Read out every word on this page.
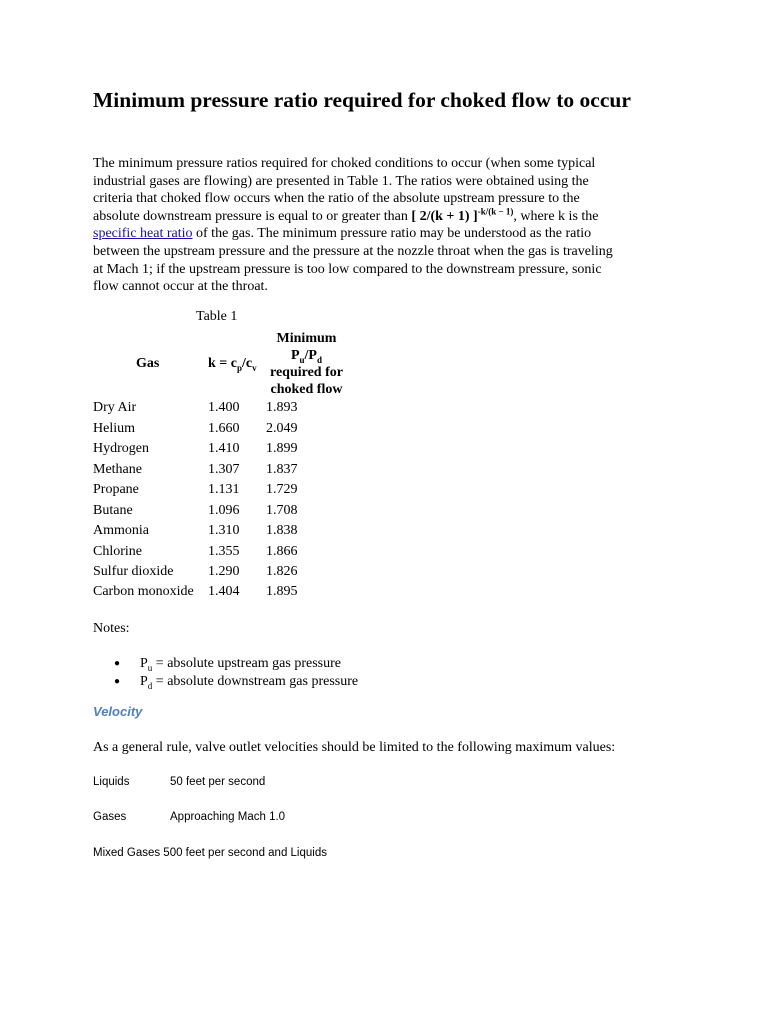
Minimum pressure ratio required for choked flow to occur

The minimum pressure ratios required for choked conditions to occur (when some typical
industrial gases are flowing) are presented in Table 1. The ratios were obtained using the
criteria that choked flow occurs when the ratio of the absolute upstream pressure to the
absolute downstream pressure is equal to or greater than [ 2/(k + 1) ]$^{-k/(k - 1)}$, where k is the
specific heat ratio of the gas. The minimum pressure ratio may be understood as the ratio
between the upstream pressure and the pressure at the nozzle throat when the gas is traveling
at Mach 1; if the upstream pressure is too low compared to the downstream pressure, sonic
flow cannot occur at the throat.

Table 1
Gas	$k = c_p/c_v$
Minimum
$P_u/P_d$
required for
choked flow
Dry Air	1.400 1.893
Helium	1.660 2.049
Hydrogen	1.410 1.899
Methane	1.307 1.837
Propane	1.131 1.729
Butane	1.096 1.708
Ammonia	1.310 1.838
Chlorine	1.355 1.866
Sulfur dioxide 1.290 1.826
Carbon monoxide 1.404 1.895
Notes:
● $P_u$ = absolute upstream gas pressure
● $P_d$ = absolute downstream gas pressure
Velocity
As a general rule, valve outlet velocities should be limited to the following maximum values:
Liquids	50 feet per second
Gases	Approaching Mach 1.0
Mixed Gases 500 feet per second and Liquids
